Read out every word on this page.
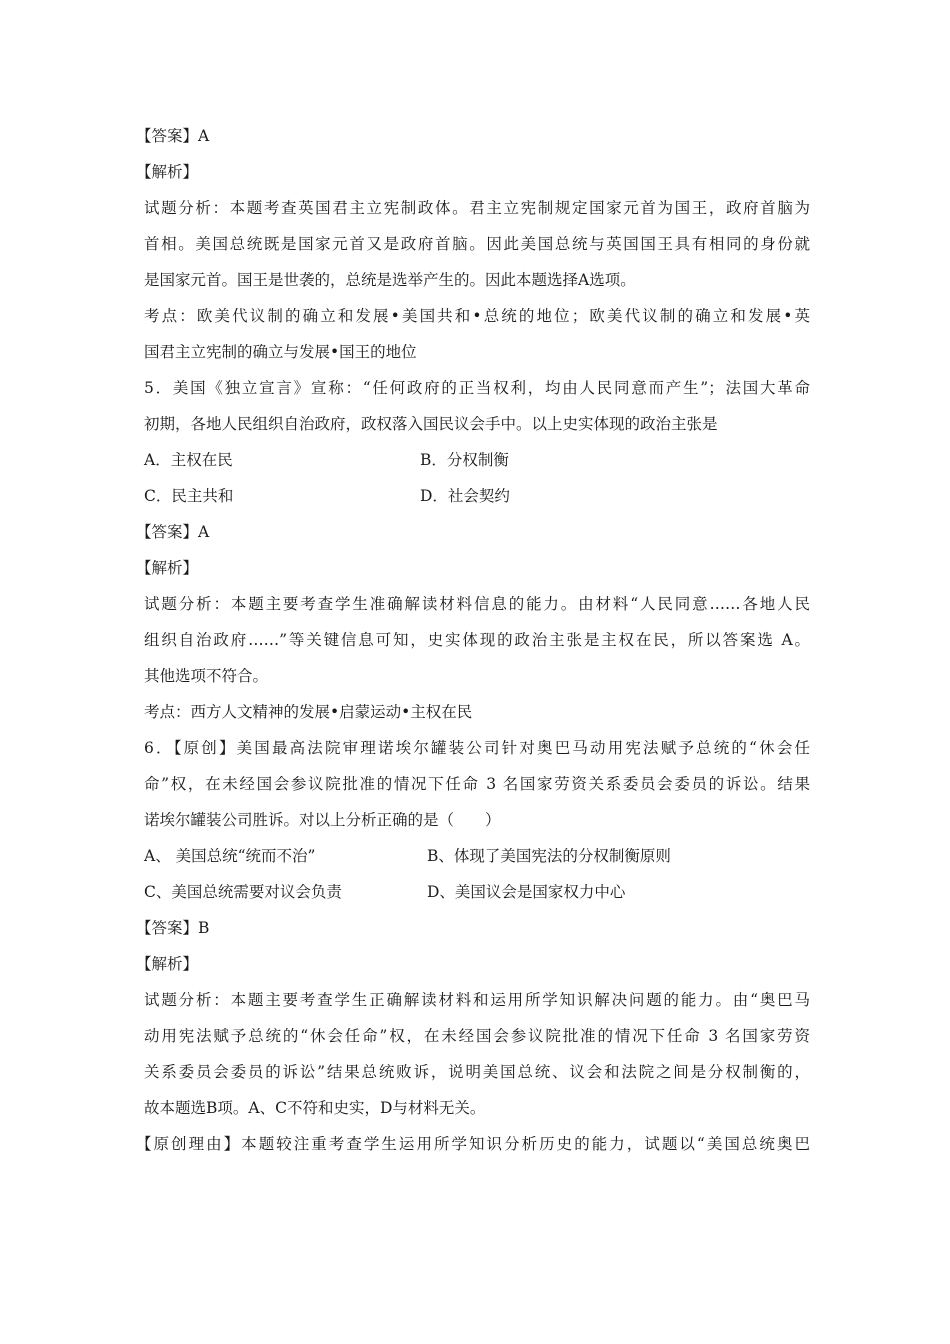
【答案】A
【解析】
试题分析：本题考查英国君主立宪制政体。君主立宪制规定国家元首为国王，政府首脑为
首相。美国总统既是国家元首又是政府首脑。因此美国总统与英国国王具有相同的身份就
是国家元首。国王是世袭的，总统是选举产生的。因此本题选择A选项。
考点：欧美代议制的确立和发展•美国共和•总统的地位；欧美代议制的确立和发展•英
国君主立宪制的确立与发展•国王的地位
5．美国《独立宣言》宣称：“任何政府的正当权利，均由人民同意而产生”；法国大革命
初期，各地人民组织自治政府，政权落入国民议会手中。以上史实体现的政治主张是
A．主权在民	B．分权制衡
C．民主共和	D．社会契约
【答案】A
【解析】
试题分析：本题主要考查学生准确解读材料信息的能力。由材料“人民同意……各地人民
组织自治政府……”等关键信息可知，史实体现的政治主张是主权在民，所以答案选 A。
其他选项不符合。
考点：西方人文精神的发展•启蒙运动•主权在民
6．【原创】美国最高法院审理诺埃尔罐装公司针对奥巴马动用宪法赋予总统的“休会任
命”权，在未经国会参议院批准的情况下任命 3 名国家劳资关系委员会委员的诉讼。结果
诺埃尔罐装公司胜诉。对以上分析正确的是（　　）
A、 美国总统“统而不治”	B、体现了美国宪法的分权制衡原则
C、美国总统需要对议会负责	D、美国议会是国家权力中心
【答案】B
【解析】
试题分析：本题主要考查学生正确解读材料和运用所学知识解决问题的能力。由“奥巴马
动用宪法赋予总统的“休会任命”权，在未经国会参议院批准的情况下任命 3 名国家劳资
关系委员会委员的诉讼”结果总统败诉，说明美国总统、议会和法院之间是分权制衡的，
故本题选B项。A、C不符和史实，D与材料无关。
【原创理由】本题较注重考查学生运用所学知识分析历史的能力，试题以“美国总统奥巴
